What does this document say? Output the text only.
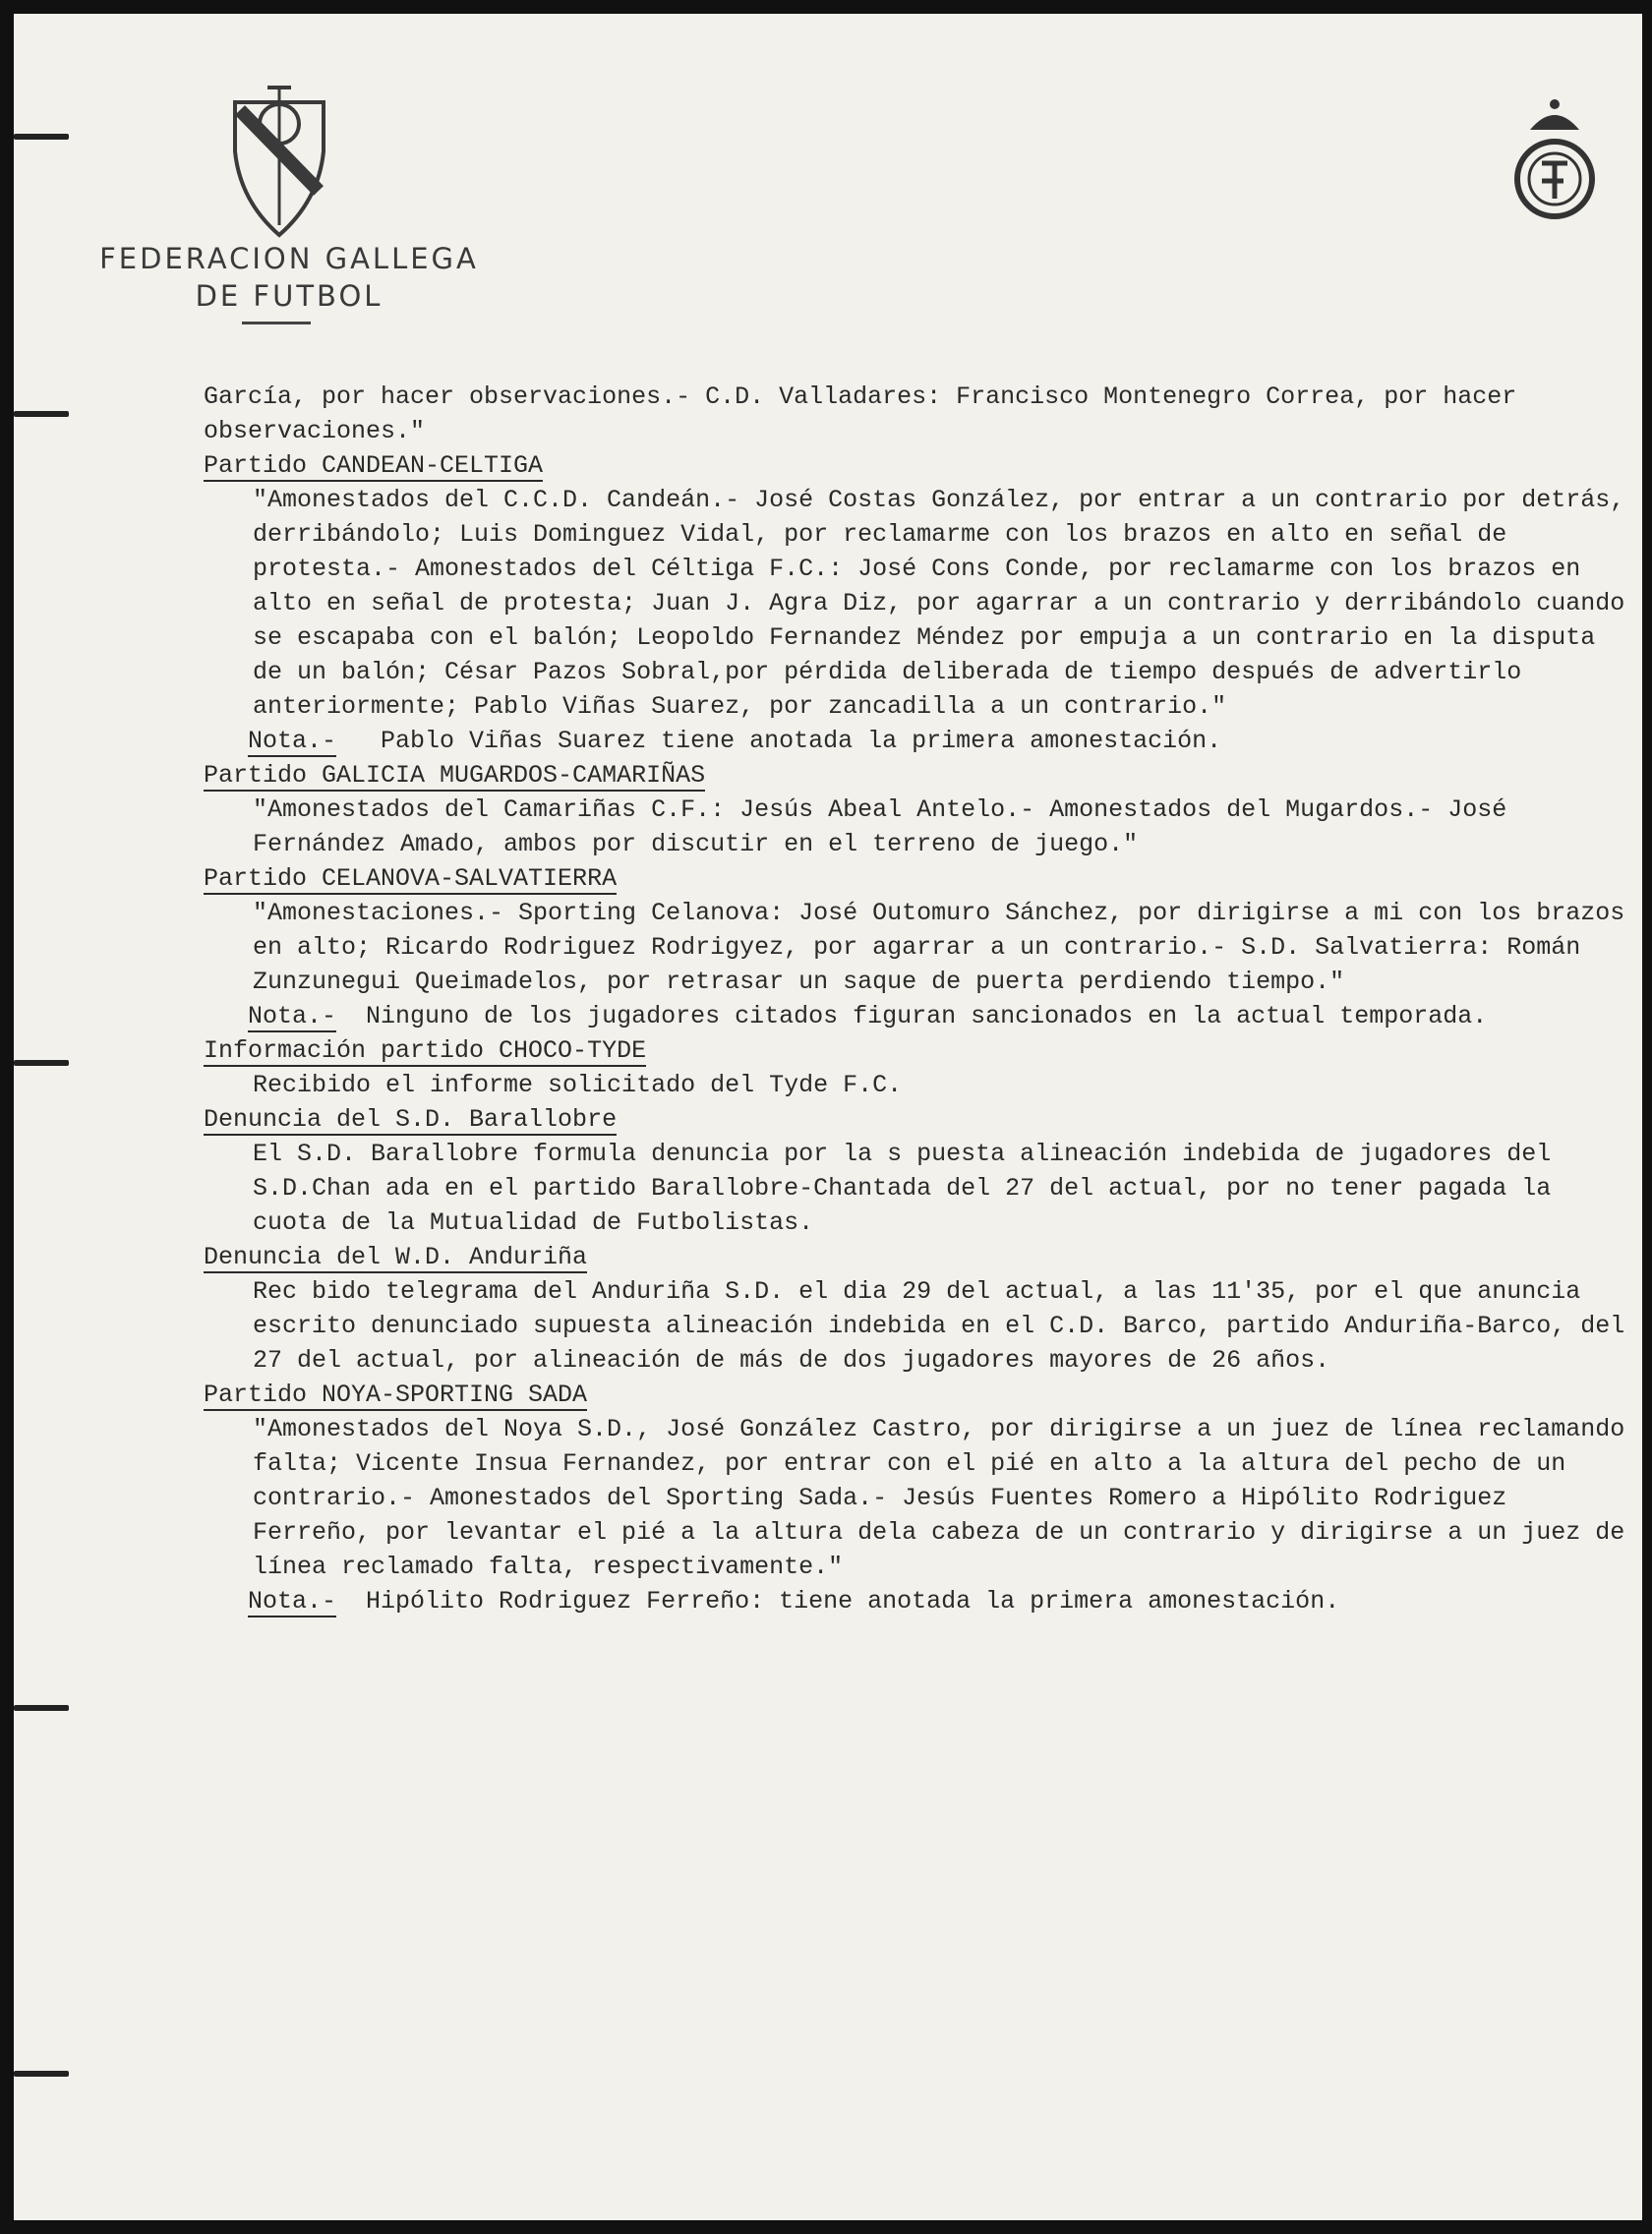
FEDERACION GALLEGA
DE FUTBOL

García, por hacer observaciones.- C.D. Valladares: Francisco Montenegro Correa, por hacer observaciones."

Partido CANDEAN-CELTIGA

"Amonestados del C.C.D. Candeán.- José Costas González, por entrar a un contrario por detrás, derribándolo; Luis Dominguez Vidal, por reclamarme con los brazos en alto en señal de protesta.- Amonestados del Céltiga F.C.: José Cons Conde, por reclamarme con los brazos en alto en señal de protesta; Juan J. Agra Diz, por agarrar a un contrario y derribándolo cuando se escapaba con el balón; Leopoldo Fernandez Méndez por empuja a un contrario en la disputa de un balón; César Pazos Sobral,por pérdida deliberada de tiempo después de advertirlo anteriormente; Pablo Viñas Suarez, por zancadilla a un contrario."

Nota.- Pablo Viñas Suarez tiene anotada la primera amonestación.

Partido GALICIA MUGARDOS-CAMARIÑAS

"Amonestados del Camariñas C.F.: Jesús Abeal Antelo.- Amonestados del Mugardos.- José Fernández Amado, ambos por discutir en el terreno de juego."

Partido CELANOVA-SALVATIERRA

"Amonestaciones.- Sporting Celanova: José Outomuro Sánchez, por dirigirse a mi con los brazos en alto; Ricardo Rodriguez Rodrigyez, por agarrar a un contrario.- S.D. Salvatierra: Román Zunzunegui Queimadelos, por retrasar un saque de puerta perdiendo tiempo."

Nota.- Ninguno de los jugadores citados figuran sancionados en la actual temporada.

Información partido CHOCO-TYDE

Recibido el informe solicitado del Tyde F.C.

Denuncia del S.D. Barallobre

El S.D. Barallobre formula denuncia por la s puesta alineación indebida de jugadores del S.D.Chan ada en el partido Barallobre-Chantada del 27 del actual, por no tener pagada la cuota de la Mutualidad de Futbolistas.

Denuncia del W.D. Anduriña

Rec bido telegrama del Anduriña S.D. el dia 29 del actual, a las 11'35, por el que anuncia escrito denunciado supuesta alineación indebida en el C.D. Barco, partido Anduriña-Barco, del 27 del actual, por alineación de más de dos jugadores mayores de 26 años.

Partido NOYA-SPORTING SADA

"Amonestados del Noya S.D., José González Castro, por dirigirse a un juez de línea reclamando falta; Vicente Insua Fernandez, por entrar con el pié en alto a la altura del pecho de un contrario.- Amonestados del Sporting Sada.- Jesús Fuentes Romero a Hipólito Rodriguez Ferreño, por levantar el pié a la altura dela cabeza de un contrario y dirigirse a un juez de línea reclamado falta, respectivamente."

Nota.- Hipólito Rodriguez Ferreño: tiene anotada la primera amonestación.
